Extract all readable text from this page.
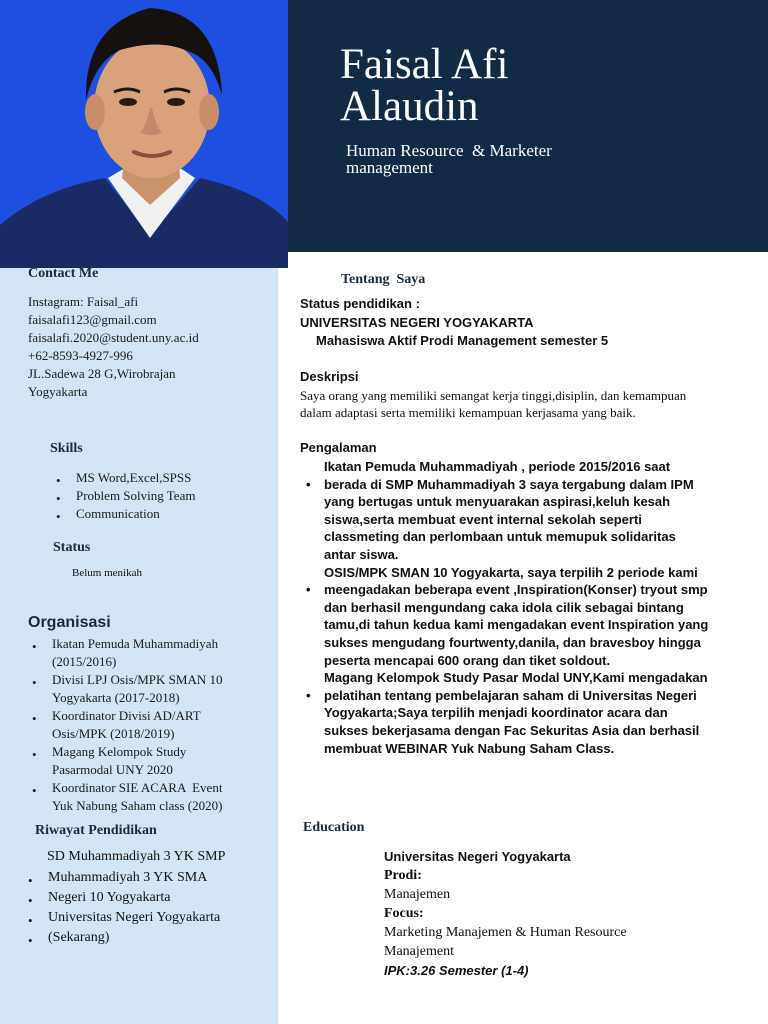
Faisal Afi
Alaudin
Human Resource  & Marketer
management
Contact Me
Instagram: Faisal_afi
faisalafi123@gmail.com
faisalafi.2020@student.uny.ac.id
+62-8593-4927-996
JL.Sadewa 28 G,Wirobrajan
Yogyakarta
Skills
• MS Word,Excel,SPSS
• Problem Solving Team
• Communication
Status
Belum menikah
Organisasi
• Ikatan Pemuda Muhammadiyah
(2015/2016)
• Divisi LPJ Osis/MPK SMAN 10
Yogyakarta (2017-2018)
• Koordinator Divisi AD/ART
Osis/MPK (2018/2019)
• Magang Kelompok Study
Pasarmodal UNY 2020
• Koordinator SIE ACARA  Event
Yuk Nabung Saham class (2020)
Riwayat Pendidikan
SD Muhammadiyah 3 YK SMP
• Muhammadiyah 3 YK SMA
• Negeri 10 Yogyakarta
• Universitas Negeri Yogyakarta
• (Sekarang)
Tentang  Saya
Status pendidikan :
UNIVERSITAS NEGERI YOGYAKARTA
Mahasiswa Aktif Prodi Management semester 5
Deskripsi
Saya orang yang memiliki semangat kerja tinggi,disiplin, dan kemampuan
dalam adaptasi serta memiliki kemampuan kerjasama yang baik.
Pengalaman
•
Ikatan Pemuda Muhammadiyah , periode 2015/2016 saat
berada di SMP Muhammadiyah 3 saya tergabung dalam IPM
yang bertugas untuk menyuarakan aspirasi,keluh kesah
siswa,serta membuat event internal sekolah seperti
classmeting dan perlombaan untuk memupuk solidaritas
antar siswa.
•
OSIS/MPK SMAN 10 Yogyakarta, saya terpilih 2 periode kami
meengadakan beberapa event ,Inspiration(Konser) tryout smp
dan berhasil mengundang caka idola cilik sebagai bintang
tamu,di tahun kedua kami mengadakan event Inspiration yang
sukses mengudang fourtwenty,danila, dan bravesboy hingga
peserta mencapai 600 orang dan tiket soldout.
•
Magang Kelompok Study Pasar Modal UNY,Kami mengadakan
pelatihan tentang pembelajaran saham di Universitas Negeri
Yogyakarta;Saya terpilih menjadi koordinator acara dan
sukses bekerjasama dengan Fac Sekuritas Asia dan berhasil
membuat WEBINAR Yuk Nabung Saham Class.
Education
Universitas Negeri Yogyakarta
Prodi:
Manajemen
Focus:
Marketing Manajemen & Human Resource
Manajement
IPK:3.26 Semester (1-4)
